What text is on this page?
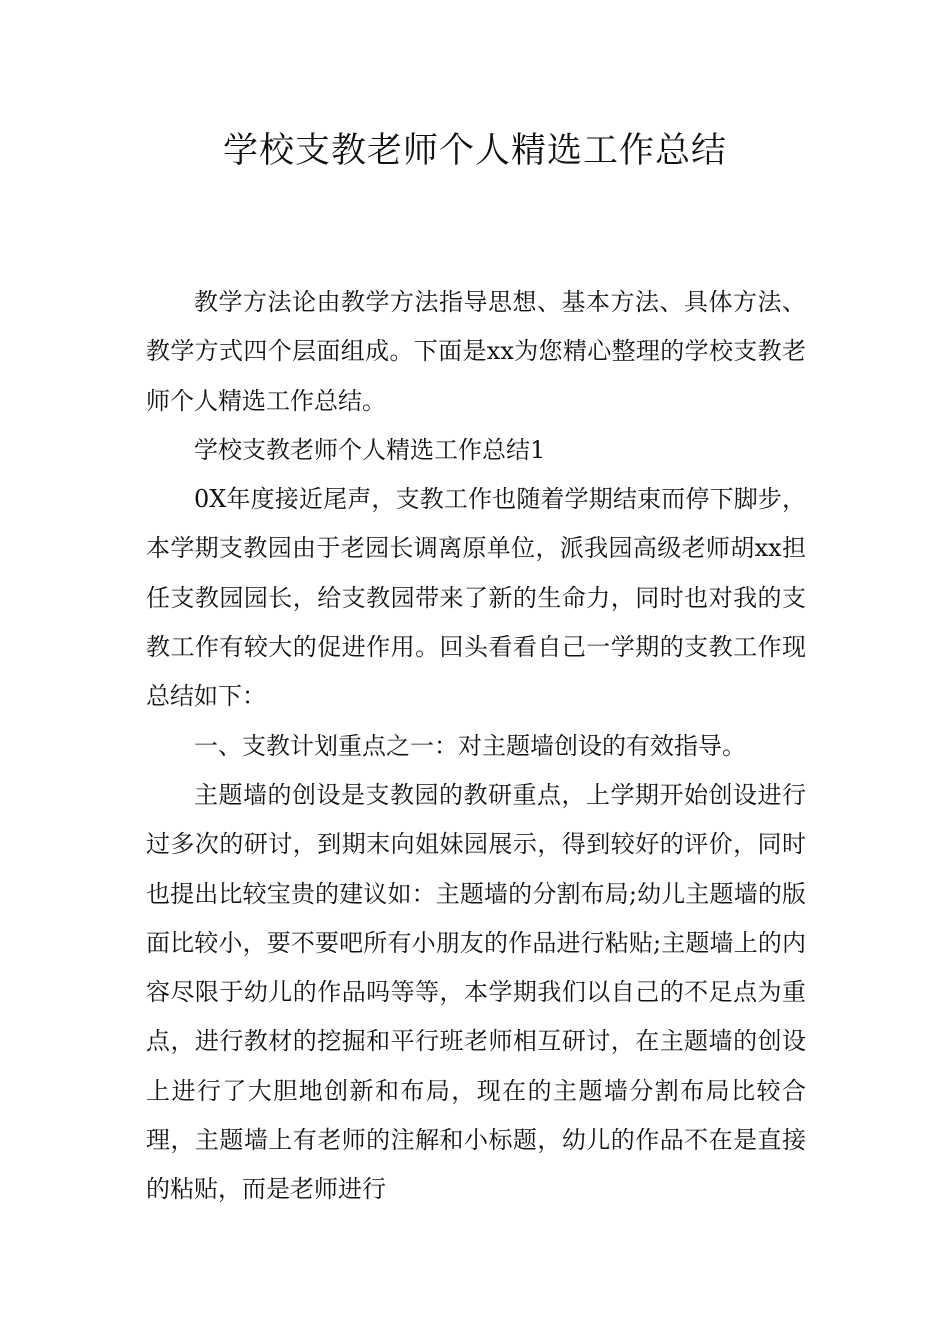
学校支教老师个人精选工作总结

教学方法论由教学方法指导思想、基本方法、具体方法、教学方式四个层面组成。下面是xx为您精心整理的学校支教老师个人精选工作总结。

学校支教老师个人精选工作总结1

0X年度接近尾声，支教工作也随着学期结束而停下脚步，本学期支教园由于老园长调离原单位，派我园高级老师胡xx担任支教园园长，给支教园带来了新的生命力，同时也对我的支教工作有较大的促进作用。回头看看自己一学期的支教工作现总结如下：

一、支教计划重点之一：对主题墙创设的有效指导。

主题墙的创设是支教园的教研重点，上学期开始创设进行过多次的研讨，到期末向姐妹园展示，得到较好的评价，同时也提出比较宝贵的建议如：主题墙的分割布局;幼儿主题墙的版面比较小，要不要吧所有小朋友的作品进行粘贴;主题墙上的内容尽限于幼儿的作品吗等等，本学期我们以自己的不足点为重点，进行教材的挖掘和平行班老师相互研讨，在主题墙的创设上进行了大胆地创新和布局，现在的主题墙分割布局比较合理，主题墙上有老师的注解和小标题，幼儿的作品不在是直接的粘贴，而是老师进行
